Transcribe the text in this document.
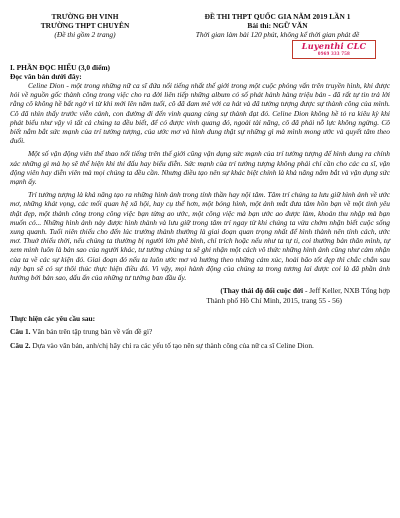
TRƯỜNG ĐH VINH
TRƯỜNG THPT CHUYÊN
(Đề thi gồm 2 trang)
ĐỀ THI THPT QUỐC GIA NĂM 2019 LẦN 1
Bài thi: NGỮ VĂN
Thời gian làm bài 120 phút, không kể thời gian phát đề
Luyenthi CLC
0969 333 758

I. PHẦN ĐỌC HIỂU (3,0 điểm)

Đọc văn bản dưới đây:

Celine Dion - một trong những nữ ca sĩ đứa nổi tiếng nhất thế giới trong một cuộc phỏng vấn trên truyền hình, khi được hỏi về nguồn gốc thành công trong việc cho ra đời liên tiếp những album có số phát hành hàng triệu bản - đã rất tự tin trả lời rằng cô không hề bất ngờ vì từ khi mới lên năm tuổi, cô đã đam mê với ca hát và đã tưởng tượng được sự thành công của mình. Cô đã nhìn thấy trước viễn cảnh, con đường đi đến vinh quang cùng sự thành đạt đó. Celine Dion không hề tỏ ra kiêu kỳ khi phát biểu như vậy vì tất cả chúng ta đều biết, để có được vinh quang đó, ngoài tài năng, cô đã phải nỗ lực không ngừng. Cô biết nắm bắt sức mạnh của trí tưởng tượng, của ước mơ và hình dung thật sự những gì mà mình mong ước và quyết tâm theo đuổi.

Một số vận động viên thể thao nổi tiếng trên thế giới cũng vận dụng sức mạnh của trí tưởng tượng để hình dung ra chính xác những gì mà họ sẽ thể hiện khi thi đấu hay biểu diễn. Sức mạnh của trí tưởng tượng không phải chỉ cần cho các ca sĩ, vận động viên hay diễn viên mà mọi chúng ta đều cần. Nhưng điều tạo nên sự khác biệt chính là khả năng nắm bắt và vận dụng sức mạnh ấy.

Trí tưởng tượng là khả năng tạo ra những hình ảnh trong tính thần hay nội tâm. Tâm trí chúng ta lưu giữ hình ảnh về ước mơ, những khát vọng, các mối quan hệ xã hội, hay cụ thể hơn, một bóng hình, một ảnh mắt đưa tâm hồn bạn về một tình yêu thật đẹp, một thành công trong công việc bạn từng ao ước, một công việc mà bạn ước ao được làm, khoản thu nhập mà bạn muốn có... Những hình ảnh này được hình thành và lưu giữ trong tâm trí ngay từ khi chúng ta vừa chớm nhận biết cuộc sống xung quanh. Tuổi niên thiếu cho đến lúc trưởng thành thường là giai đoạn quan trọng nhất để hình thành nên tính cách, ước mơ. Thuở thiếu thời, nếu chúng ta thường bị người lớn phê bình, chỉ trích hoặc nếu như ta tự ti, coi thường bản thân mình, tự xem mình luôn là bản sao của người khác, tư tưởng chúng ta sẽ ghi nhận một cách vô thức những hình ảnh cũng như cảm nhận của ta về các sự kiện đó. Giai đoạn đó nếu ta luôn ước mơ và hướng theo những cảm xúc, hoài bão tốt đẹp thì chắc chắn sau này bạn sẽ có sự thôi thúc thực hiện điều đó. Vì vậy, mọi hành động của chúng ta trong tương lai được coi là đã phần ảnh hưởng bởi bản sao, dấu ấn của những tư tưởng ban đầu ấy.

(Thay thái độ đổi cuộc đời - Jeff Keller, NXB Tổng hợp
Thành phố Hồ Chí Minh, 2015, trang 55 - 56)
Thực hiện các yêu cầu sau:
Câu 1. Văn bản trên tập trung bàn về vấn đề gì?
Câu 2. Dựa vào văn bản, anh/chị hãy chỉ ra các yếu tố tạo nên sự thành công của nữ ca sĩ Celine Dion.
